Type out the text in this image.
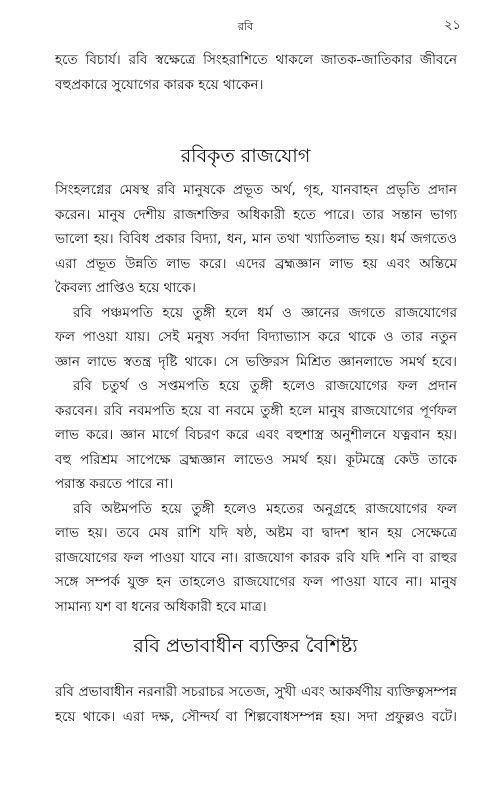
রবি	২১
হতে বিচার্য। রবি স্বক্ষেত্রে সিংহরাশিতে থাকলে জাতক-জাতিকার জীবনে
বহুপ্রকারে সুযোগের কারক হয়ে থাকেন।
রবিকৃত রাজযোগ
সিংহলগ্নের মেষস্থ রবি মানুষকে প্রভূত অর্থ, গৃহ, যানবাহন প্রভৃতি প্রদান
করেন। মানুষ দেশীয় রাজশক্তির অধিকারী হতে পারে। তার সন্তান ভাগ্য
ভালো হয়। বিবিধ প্রকার বিদ্যা, ধন, মান তথা খ্যাতিলাভ হয়। ধর্ম জগতেও
এরা প্রভূত উন্নতি লাভ করে। এদের ব্রহ্মজ্ঞান লাভ হয় এবং অন্তিমে
কৈবল্য প্রাপ্তিও হয়ে থাকে।
রবি পঞ্চমপতি হয়ে তুঙ্গী হলে ধর্ম ও জ্ঞানের জগতে রাজযোগের
ফল পাওয়া যায়। সেই মনুষ্য সর্বদা বিদ্যাভ্যাস করে থাকে ও তার নতুন
জ্ঞান লাভে স্বতন্ত্র দৃষ্টি থাকে। সে ভক্তিরস মিশ্রিত জ্ঞানলাভে সমর্থ হবে।
রবি চতুর্থ ও সপ্তমপতি হয়ে তুঙ্গী হলেও রাজযোগের ফল প্রদান
করবেন। রবি নবমপতি হয়ে বা নবমে তুঙ্গী হলে মানুষ রাজযোগের পূর্ণফল
লাভ করে। জ্ঞান মার্গে বিচরণ করে এবং বহুশাস্ত্র অনুশীলনে যত্নবান হয়।
বহু পরিশ্রম সাপেক্ষে ব্রহ্মজ্ঞান লাভেও সমর্থ হয়। কূটমন্ত্রে কেউ তাকে
পরাস্ত করতে পারে না।
রবি অষ্টমপতি হয়ে তুঙ্গী হলেও মহতের অনুগ্রহে রাজযোগের ফল
লাভ হয়। তবে মেষ রাশি যদি ষষ্ঠ, অষ্টম বা দ্বাদশ স্থান হয় সেক্ষেত্রে
রাজযোগের ফল পাওয়া যাবে না। রাজযোগ কারক রবি যদি শনি বা রাহুর
সঙ্গে সম্পর্ক যুক্ত হন তাহলেও রাজযোগের ফল পাওয়া যাবে না। মানুষ
সামান্য যশ বা ধনের অধিকারী হবে মাত্র।
রবি প্রভাবাধীন ব্যক্তির বৈশিষ্ট্য
রবি প্রভাবাধীন নরনারী সচরাচর সতেজ, সুখী এবং আকর্ষণীয় ব্যক্তিত্বসম্পন্ন
হয়ে থাকে। এরা দক্ষ, সৌন্দর্য বা শিল্পবোধসম্পন্ন হয়। সদা প্রফুল্লও বটে।
